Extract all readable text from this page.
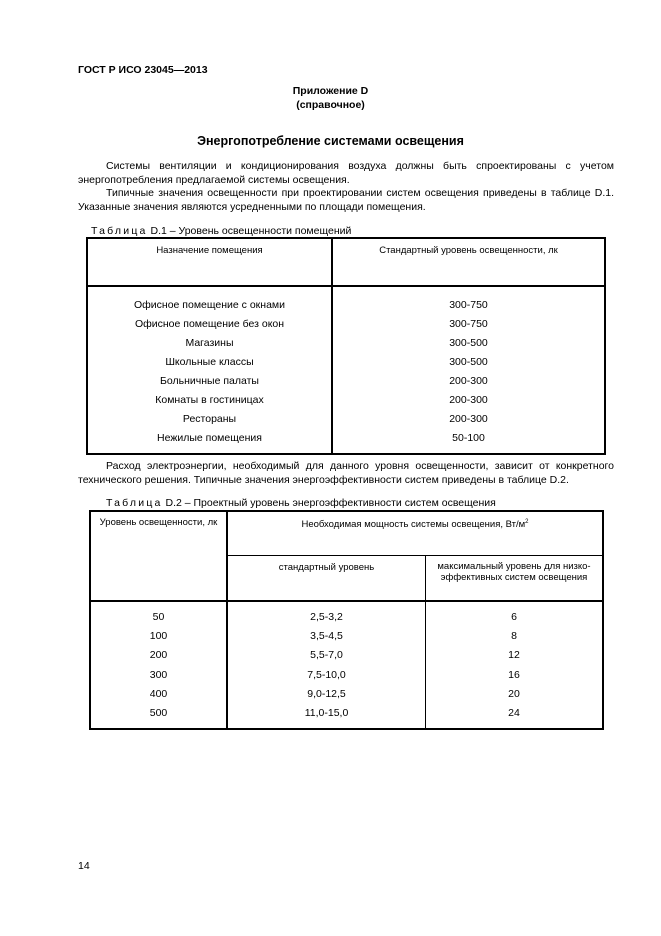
ГОСТ Р ИСО 23045—2013
Приложение D
(справочное)
Энергопотребление системами освещения
Системы вентиляции и кондиционирования воздуха должны быть спроектированы с учетом энергопотребления предлагаемой системы освещения.
Типичные значения освещенности при проектировании систем освещения приведены в таблице D.1. Указанные значения являются усредненными по площади помещения.
Таблица D.1 – Уровень освещенности помещений
Назначение помещения	Стандартный уровень освещенности, лк

Офисное помещение с окнами	300-750
Офисное помещение без окон	300-750
Магазины	300-500
Школьные классы	300-500
Больничные палаты	200-300
Комнаты в гостиницах	200-300
Рестораны	200-300
Нежилые помещения	50-100

Расход электроэнергии, необходимый для данного уровня освещенности, зависит от конкретного технического решения. Типичные значения энергоэффективности систем приведены в таблице D.2.
Таблица D.2 – Проектный уровень энергоэффективности систем освещения
Уровень освещенности, лк	Необходимая мощность системы освещения, $Вт/м^2$
	стандартный уровень	максимальный уровень для низко-эффективных систем освещения

50	2,5-3,2	6
100	3,5-4,5	8
200	5,5-7,0	12
300	7,5-10,0	16
400	9,0-12,5	20
500	11,0-15,0	24

14
